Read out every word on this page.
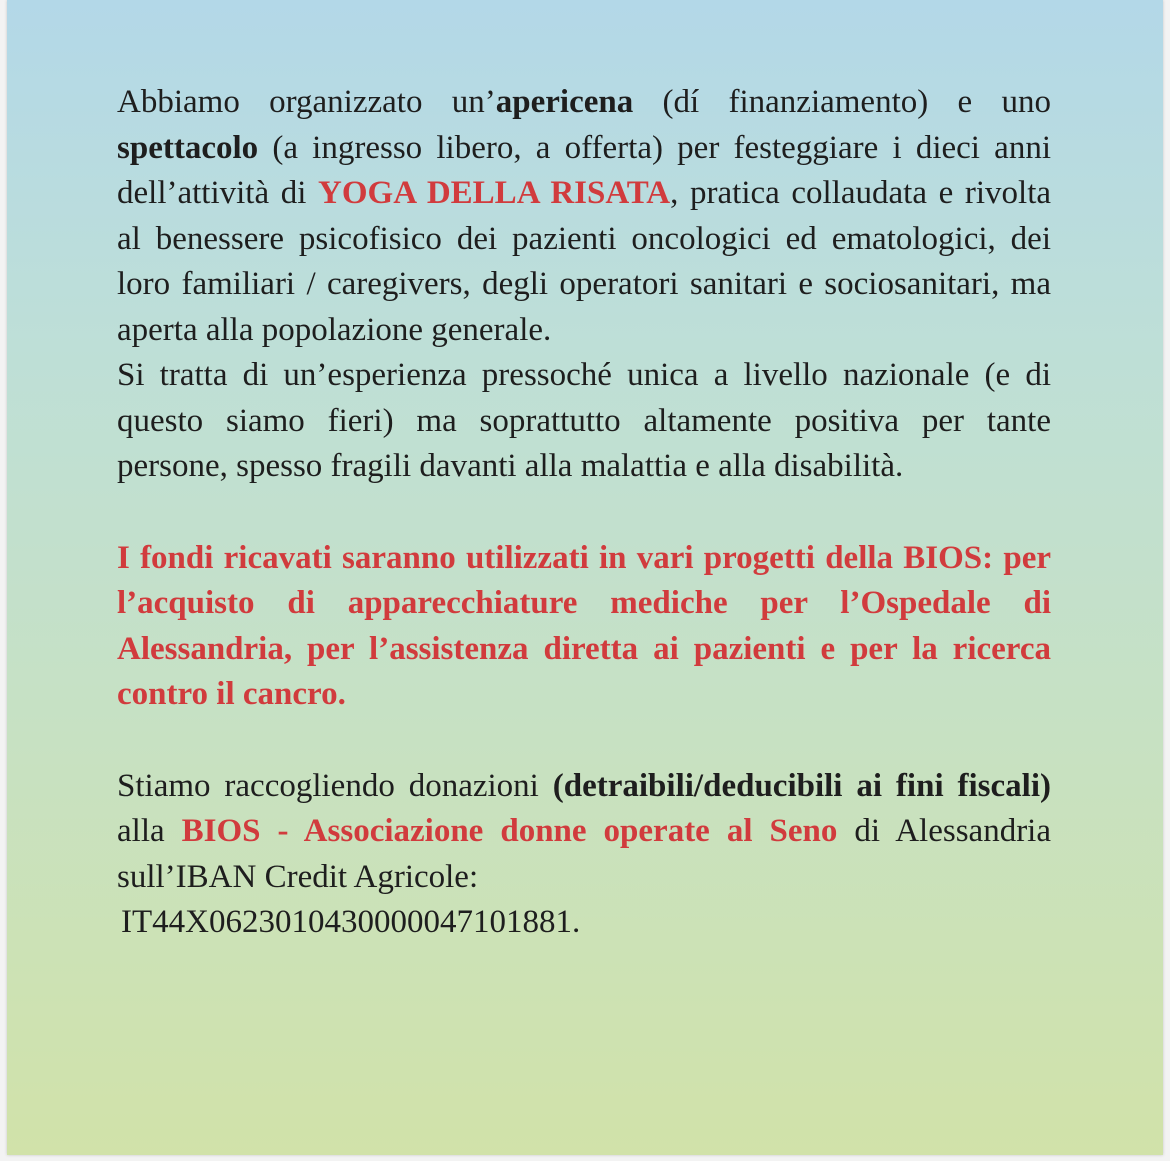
Abbiamo organizzato un’apericena (dí finanziamento) e uno spettacolo (a ingresso libero, a offerta) per festeggiare i dieci anni dell’attività di YOGA DELLA RISATA, pratica collaudata e rivolta al benessere psicofisico dei pazienti oncologici ed ematologici, dei loro familiari / caregivers, degli operatori sanitari e sociosanitari, ma aperta alla popolazione generale.

Si tratta di un’esperienza pressoché unica a livello nazionale (e di questo siamo fieri) ma soprattutto altamente positiva per tante persone, spesso fragili davanti alla malattia e alla disabilità.

I fondi ricavati saranno utilizzati in vari progetti della BIOS: per l’acquisto di apparecchiature mediche per l’Ospedale di Alessandria, per l’assistenza diretta ai pazienti e per la ricerca contro il cancro.

Stiamo raccogliendo donazioni (detraibili/deducibili ai fini fiscali) alla BIOS - Associazione donne operate al Seno di Alessandria sull’IBAN Credit Agricole:

IT44X0623010430000047101881.
